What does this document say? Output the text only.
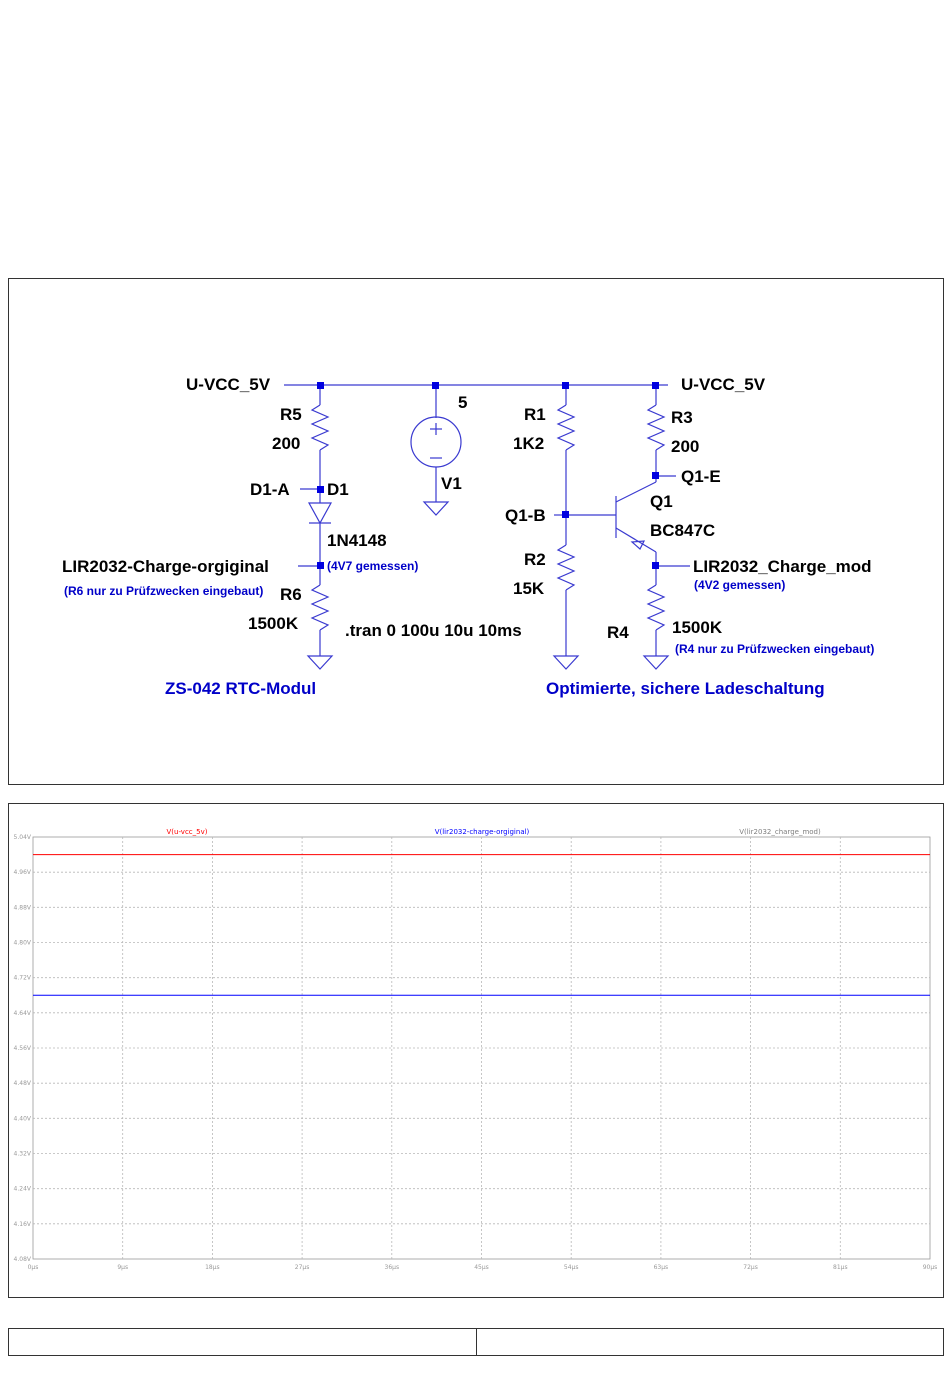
U-VCC_5V	U-VCC_5V
R5
200
D1-A D1
1N4148
LIR2032-Charge-orgiginal	(4V7 gemessen)
(R6 nur zu Prüfzwecken eingebaut) R6
1500K	.tran 0 100u 10u 10ms
5
V1
R1
1K2
Q1-B
R2
15K
R3
200
Q1-E
Q1
BC847C
LIR2032_Charge_mod
(4V2 gemessen)
R4	1500K
(R4 nur zu Prüfzwecken eingebaut)
ZS-042 RTC-Modul	Optimierte, sichere Ladeschaltung
0µs	9µs	18µs	27µs	36µs	45µs	54µs	63µs	72µs	81µs	90µs
5.04V
4.96V
4.88V
4.80V
4.72V
4.64V
4.56V
4.48V
4.40V
4.32V
4.24V
4.16V
4.08V
V(u-vcc_5v)	V(lir2032-charge-orgiginal)	V(lir2032_charge_mod)
